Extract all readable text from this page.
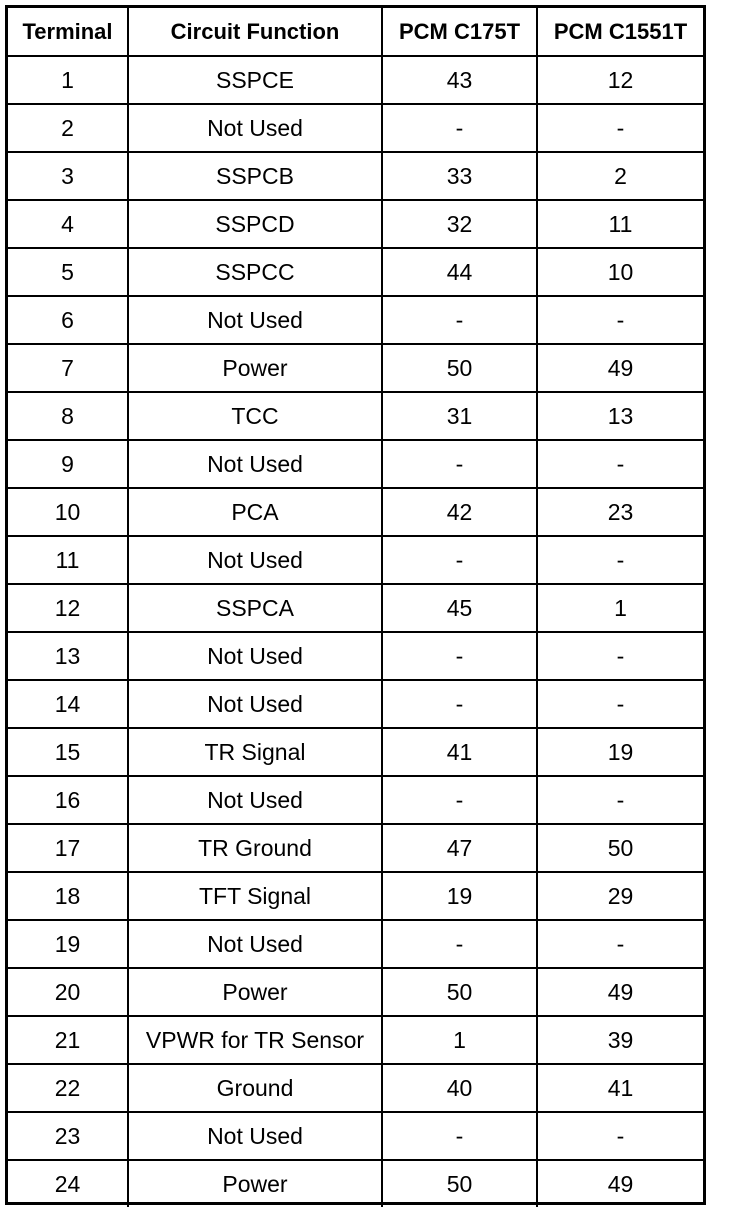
Terminal	Circuit Function	PCM C175T	PCM C1551T
1	SSPCE	43	12
2	Not Used	-	-
3	SSPCB	33	2
4	SSPCD	32	11
5	SSPCC	44	10
6	Not Used	-	-
7	Power	50	49
8	TCC	31	13
9	Not Used	-	-
10	PCA	42	23
11	Not Used	-	-
12	SSPCA	45	1
13	Not Used	-	-
14	Not Used	-	-
15	TR Signal	41	19
16	Not Used	-	-
17	TR Ground	47	50
18	TFT Signal	19	29
19	Not Used	-	-
20	Power	50	49
21	VPWR for TR Sensor	1	39
22	Ground	40	41
23	Not Used	-	-
24	Power	50	49
